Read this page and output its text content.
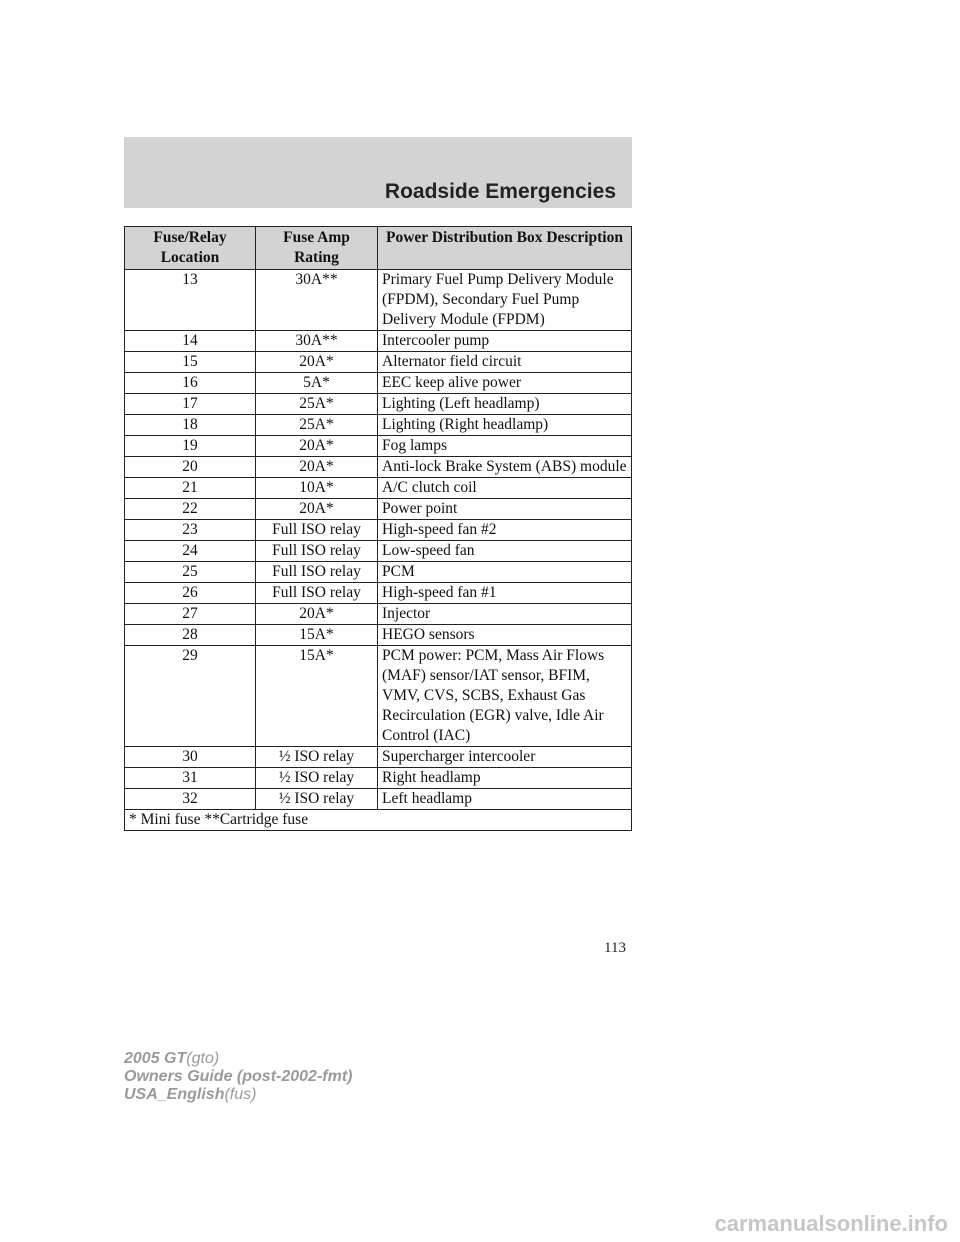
Roadside Emergencies
Fuse/Relay Location	Fuse Amp Rating	Power Distribution Box Description
13	30A**	Primary Fuel Pump Delivery Module (FPDM), Secondary Fuel Pump Delivery Module (FPDM)
14	30A**	Intercooler pump
15	20A*	Alternator field circuit
16	5A*	EEC keep alive power
17	25A*	Lighting (Left headlamp)
18	25A*	Lighting (Right headlamp)
19	20A*	Fog lamps
20	20A*	Anti-lock Brake System (ABS) module
21	10A*	A/C clutch coil
22	20A*	Power point
23	Full ISO relay	High-speed fan #2
24	Full ISO relay	Low-speed fan
25	Full ISO relay	PCM
26	Full ISO relay	High-speed fan #1
27	20A*	Injector
28	15A*	HEGO sensors
29	15A*	PCM power: PCM, Mass Air Flows (MAF) sensor/IAT sensor, BFIM, VMV, CVS, SCBS, Exhaust Gas Recirculation (EGR) valve, Idle Air Control (IAC)
30	½ ISO relay	Supercharger intercooler
31	½ ISO relay	Right headlamp
32	½ ISO relay	Left headlamp
* Mini fuse **Cartridge fuse		
113
2005 GT(gto)
Owners Guide (post-2002-fmt)
USA_English(fus)
carmanualsonline.info
